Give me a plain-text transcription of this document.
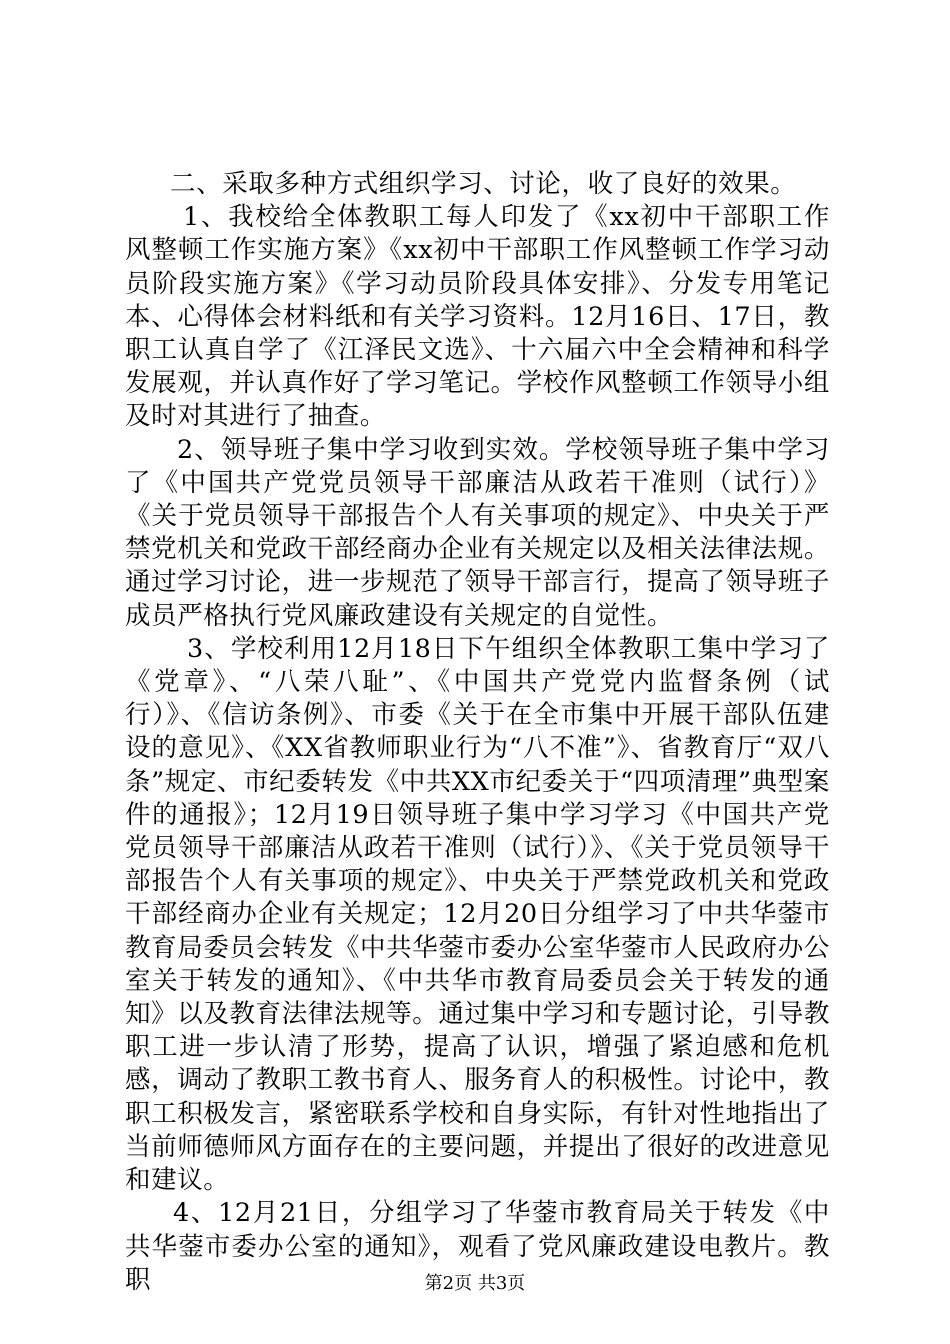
二、采取多种方式组织学习、讨论，收了良好的效果。

1、我校给全体教职工每人印发了《xx初中干部职工作风整顿工作实施方案》《xx初中干部职工作风整顿工作学习动员阶段实施方案》《学习动员阶段具体安排》、分发专用笔记本、心得体会材料纸和有关学习资料。12月16日、17日，教职工认真自学了《江泽民文选》、十六届六中全会精神和科学发展观，并认真作好了学习笔记。学校作风整顿工作领导小组及时对其进行了抽查。

2、领导班子集中学习收到实效。学校领导班子集中学习了《中国共产党党员领导干部廉洁从政若干准则（试行）》《关于党员领导干部报告个人有关事项的规定》、中央关于严禁党机关和党政干部经商办企业有关规定以及相关法律法规。通过学习讨论，进一步规范了领导干部言行，提高了领导班子成员严格执行党风廉政建设有关规定的自觉性。

3、学校利用12月18日下午组织全体教职工集中学习了《党章》、“八荣八耻”、《中国共产党党内监督条例（试行）》、《信访条例》、市委《关于在全市集中开展干部队伍建设的意见》、《XX省教师职业行为“八不准”》、省教育厅“双八条”规定、市纪委转发《中共XX市纪委关于“四项清理”典型案件的通报》；12月19日领导班子集中学习学习《中国共产党党员领导干部廉洁从政若干准则（试行）》、《关于党员领导干部报告个人有关事项的规定》、中央关于严禁党政机关和党政干部经商办企业有关规定；12月20日分组学习了中共华蓥市教育局委员会转发《中共华蓥市委办公室华蓥市人民政府办公室关于转发的通知》、《中共华市教育局委员会关于转发的通知》以及教育法律法规等。通过集中学习和专题讨论，引导教职工进一步认清了形势，提高了认识，增强了紧迫感和危机感，调动了教职工教书育人、服务育人的积极性。讨论中，教职工积极发言，紧密联系学校和自身实际，有针对性地指出了当前师德师风方面存在的主要问题，并提出了很好的改进意见和建议。

4、12月21日，分组学习了华蓥市教育局关于转发《中共华蓥市委办公室的通知》，观看了党风廉政建设电教片。教职	第2页 共3页
